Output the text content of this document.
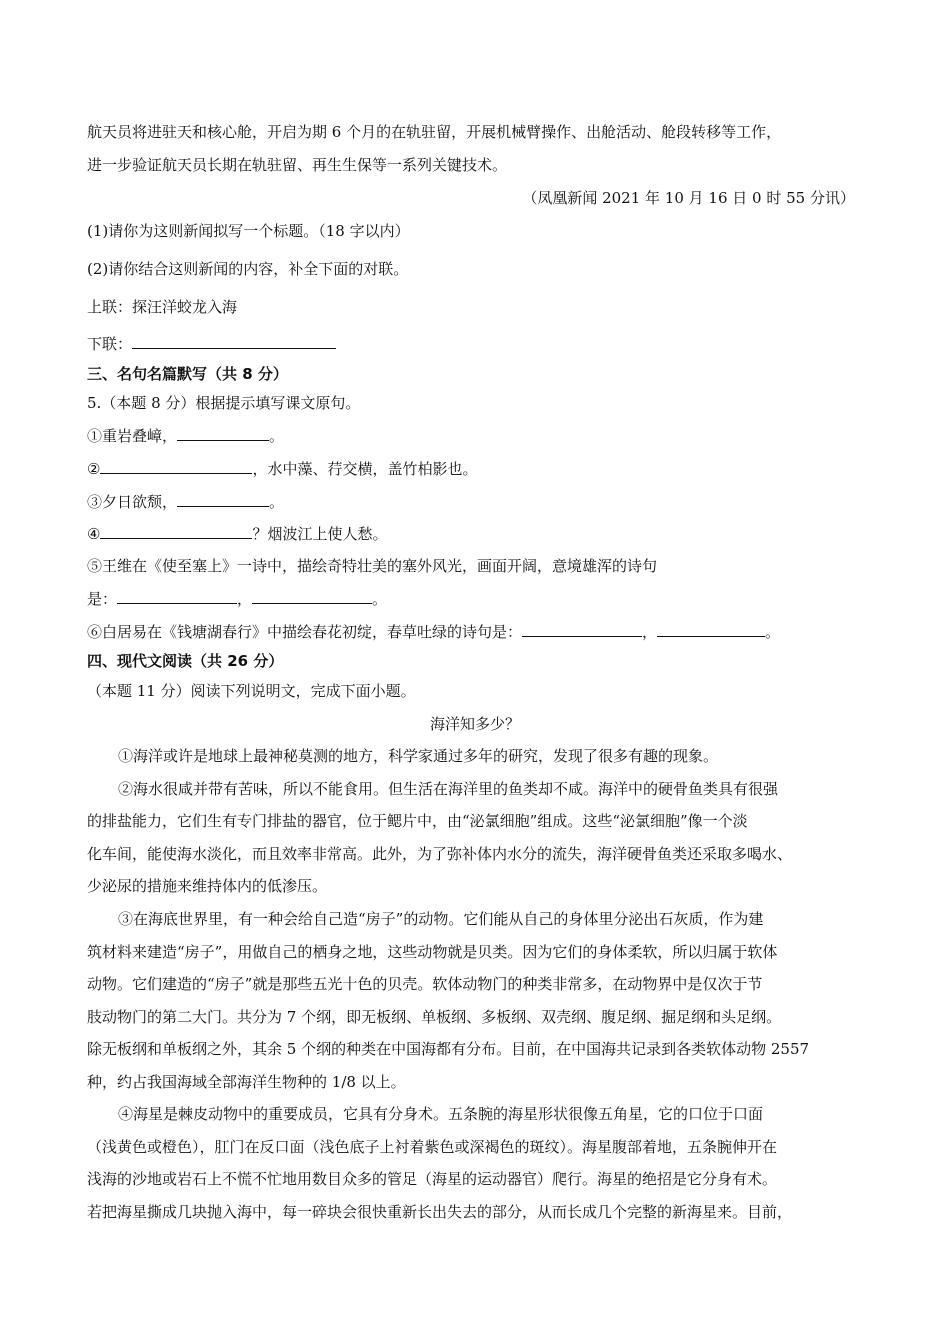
航天员将进驻天和核心舱，开启为期 6 个月的在轨驻留，开展机械臂操作、出舱活动、舱段转移等工作，
进一步验证航天员长期在轨驻留、再生生保等一系列关键技术。
（凤凰新闻 2021 年 10 月 16 日 0 时 55 分讯）
(1)请你为这则新闻拟写一个标题。（18 字以内）
(2)请你结合这则新闻的内容，补全下面的对联。
上联：探汪洋蛟龙入海
下联：
三、名句名篇默写（共 8 分）
5.（本题 8 分）根据提示填写课文原句。
①重岩叠嶂，	。
②	，水中藻、荇交横，盖竹柏影也。
③夕日欲颓，	。
④	？烟波江上使人愁。
⑤王维在《使至塞上》一诗中，描绘奇特壮美的塞外风光，画面开阔，意境雄浑的诗句
是：	，	。
⑥白居易在《钱塘湖春行》中描绘春花初绽，春草吐绿的诗句是：	，	。
四、现代文阅读（共 26 分）
（本题 11 分）阅读下列说明文，完成下面小题。
海洋知多少？
①海洋或许是地球上最神秘莫测的地方，科学家通过多年的研究，发现了很多有趣的现象。
②海水很咸并带有苦味，所以不能食用。但生活在海洋里的鱼类却不咸。海洋中的硬骨鱼类具有很强
的排盐能力，它们生有专门排盐的器官，位于鳃片中，由“泌氯细胞”组成。这些“泌氯细胞”像一个淡
化车间，能使海水淡化，而且效率非常高。此外，为了弥补体内水分的流失，海洋硬骨鱼类还采取多喝水、
少泌尿的措施来维持体内的低渗压。
③在海底世界里，有一种会给自己造“房子”的动物。它们能从自己的身体里分泌出石灰质，作为建
筑材料来建造“房子”，用做自己的栖身之地，这些动物就是贝类。因为它们的身体柔软，所以归属于软体
动物。它们建造的“房子”就是那些五光十色的贝壳。软体动物门的种类非常多，在动物界中是仅次于节
肢动物门的第二大门。共分为 7 个纲，即无板纲、单板纲、多板纲、双壳纲、腹足纲、掘足纲和头足纲。
除无板纲和单板纲之外，其余 5 个纲的种类在中国海都有分布。目前，在中国海共记录到各类软体动物 2557
种，约占我国海域全部海洋生物种的 1/8 以上。
④海星是棘皮动物中的重要成员，它具有分身术。五条腕的海星形状很像五角星，它的口位于口面
（浅黄色或橙色），肛门在反口面（浅色底子上衬着紫色或深褐色的斑纹）。海星腹部着地，五条腕伸开在
浅海的沙地或岩石上不慌不忙地用数目众多的管足（海星的运动器官）爬行。海星的绝招是它分身有术。
若把海星撕成几块抛入海中，每一碎块会很快重新长出失去的部分，从而长成几个完整的新海星来。目前，
